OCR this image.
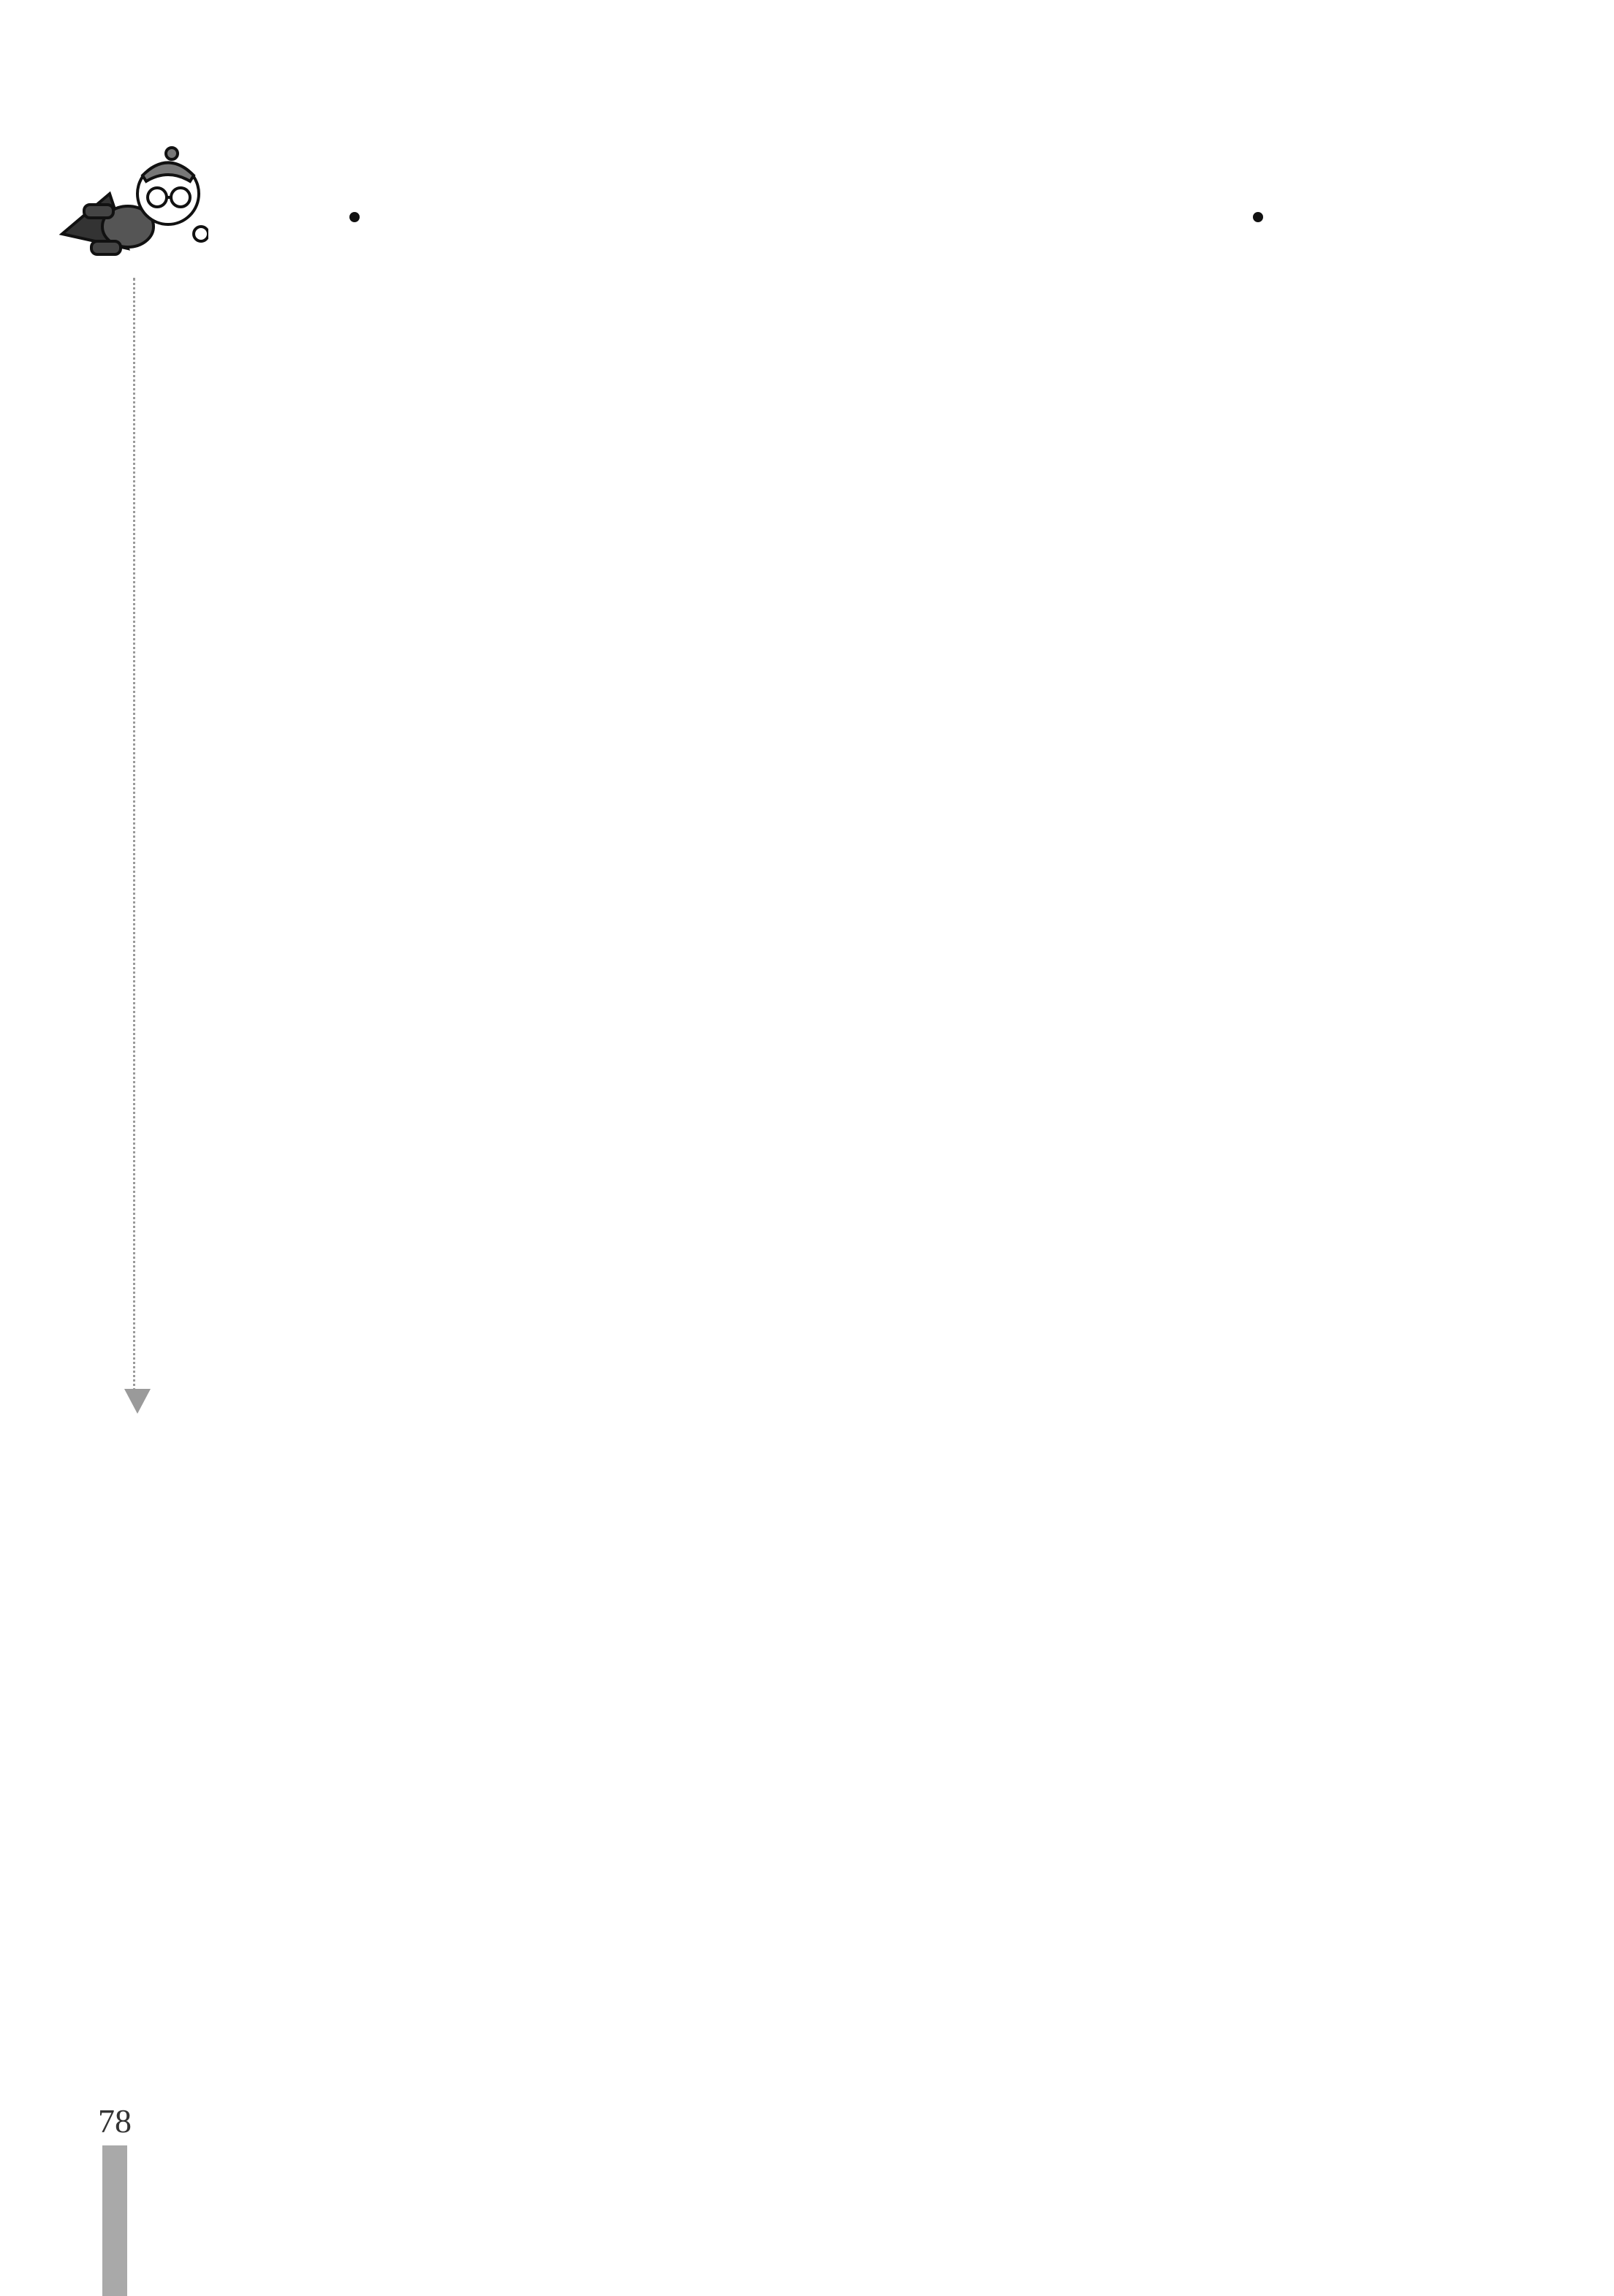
78
